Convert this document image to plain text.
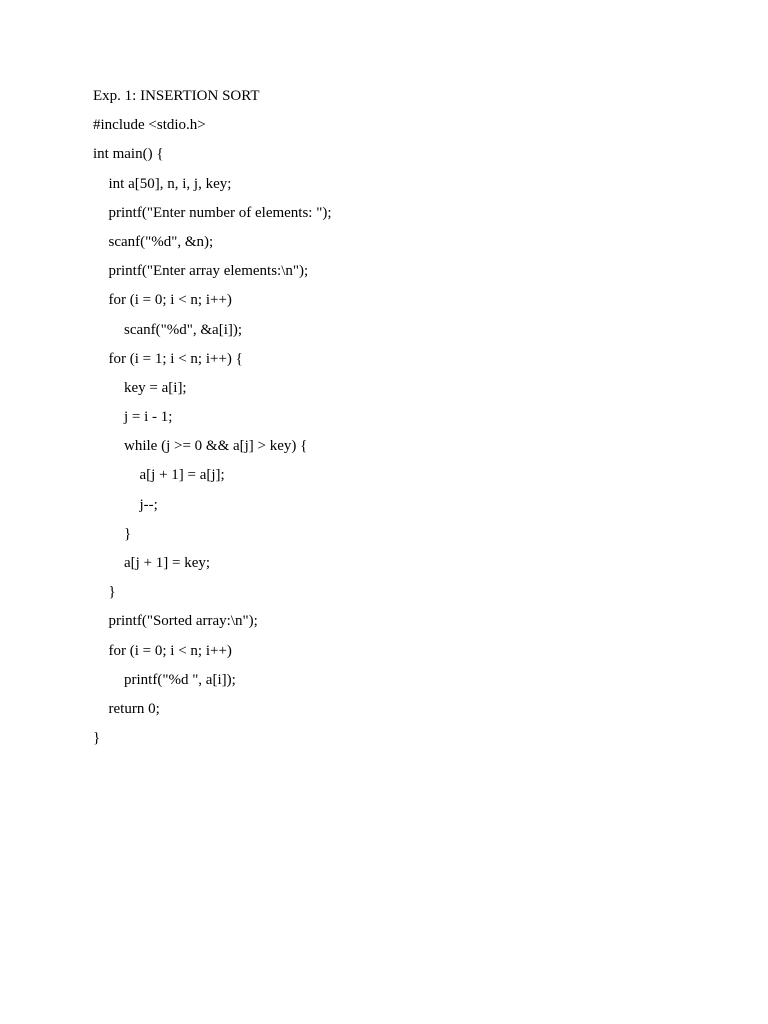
Exp. 1: INSERTION SORT
#include <stdio.h>
int main() {
int a[50], n, i, j, key;
printf("Enter number of elements: ");
scanf("%d", &n);
printf("Enter array elements:\n");
for (i = 0; i < n; i++)
scanf("%d", &a[i]);
for (i = 1; i < n; i++) {
key = a[i];
j = i - 1;
while (j >= 0 && a[j] > key) {
a[j + 1] = a[j];
j--;
}
a[j + 1] = key;
}
printf("Sorted array:\n");
for (i = 0; i < n; i++)
printf("%d ", a[i]);
return 0;
}
